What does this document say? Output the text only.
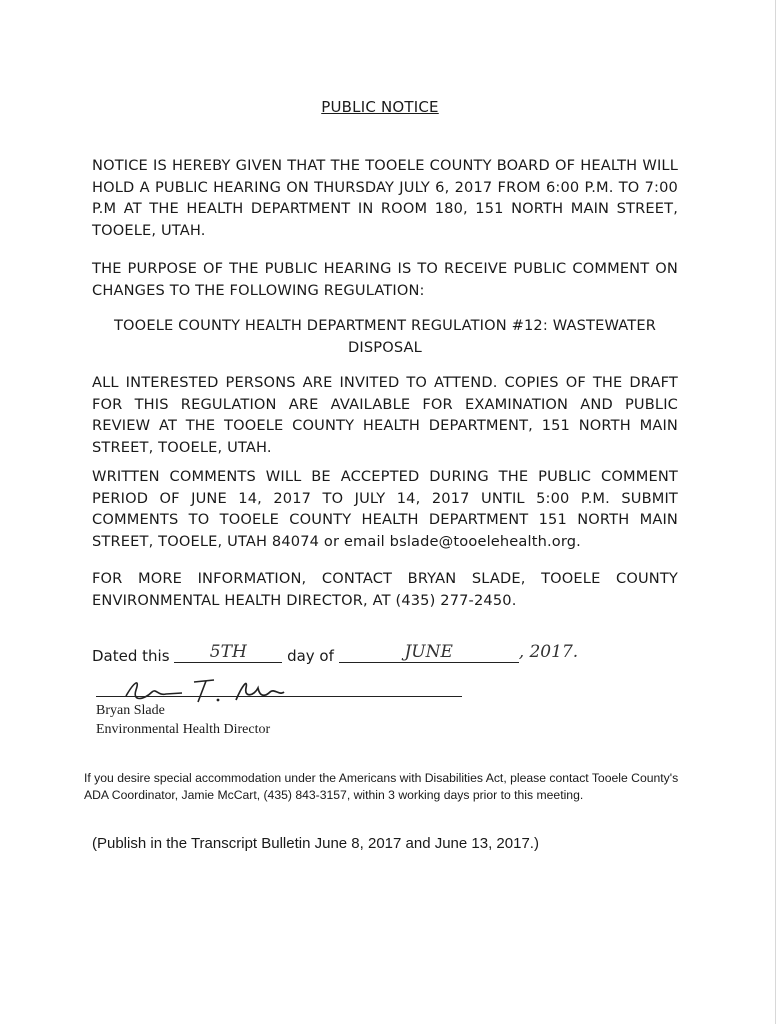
PUBLIC NOTICE
NOTICE IS HEREBY GIVEN THAT THE TOOELE COUNTY BOARD OF HEALTH WILL HOLD A PUBLIC HEARING ON THURSDAY JULY 6, 2017 FROM 6:00 P.M. TO 7:00 P.M AT THE HEALTH DEPARTMENT IN ROOM 180, 151 NORTH MAIN STREET, TOOELE, UTAH.
THE PURPOSE OF THE PUBLIC HEARING IS TO RECEIVE PUBLIC COMMENT ON CHANGES TO THE FOLLOWING REGULATION:
TOOELE COUNTY HEALTH DEPARTMENT REGULATION #12: WASTEWATER DISPOSAL
ALL INTERESTED PERSONS ARE INVITED TO ATTEND. COPIES OF THE DRAFT FOR THIS REGULATION ARE AVAILABLE FOR EXAMINATION AND PUBLIC REVIEW AT THE TOOELE COUNTY HEALTH DEPARTMENT, 151 NORTH MAIN STREET, TOOELE, UTAH.
WRITTEN COMMENTS WILL BE ACCEPTED DURING THE PUBLIC COMMENT PERIOD OF JUNE 14, 2017 TO JULY 14, 2017 UNTIL 5:00 P.M. SUBMIT COMMENTS TO TOOELE COUNTY HEALTH DEPARTMENT 151 NORTH MAIN STREET, TOOELE, UTAH 84074 or email bslade@tooelehealth.org.
FOR MORE INFORMATION, CONTACT BRYAN SLADE, TOOELE COUNTY ENVIRONMENTAL HEALTH DIRECTOR, AT (435) 277-2450.
Dated this 5TH	day of	JUNE	, 2017.
Bryan Slade
Environmental Health Director
If you desire special accommodation under the Americans with Disabilities Act, please contact Tooele County's ADA Coordinator, Jamie McCart, (435) 843-3157, within 3 working days prior to this meeting.
(Publish in the Transcript Bulletin June 8, 2017 and June 13, 2017.)
